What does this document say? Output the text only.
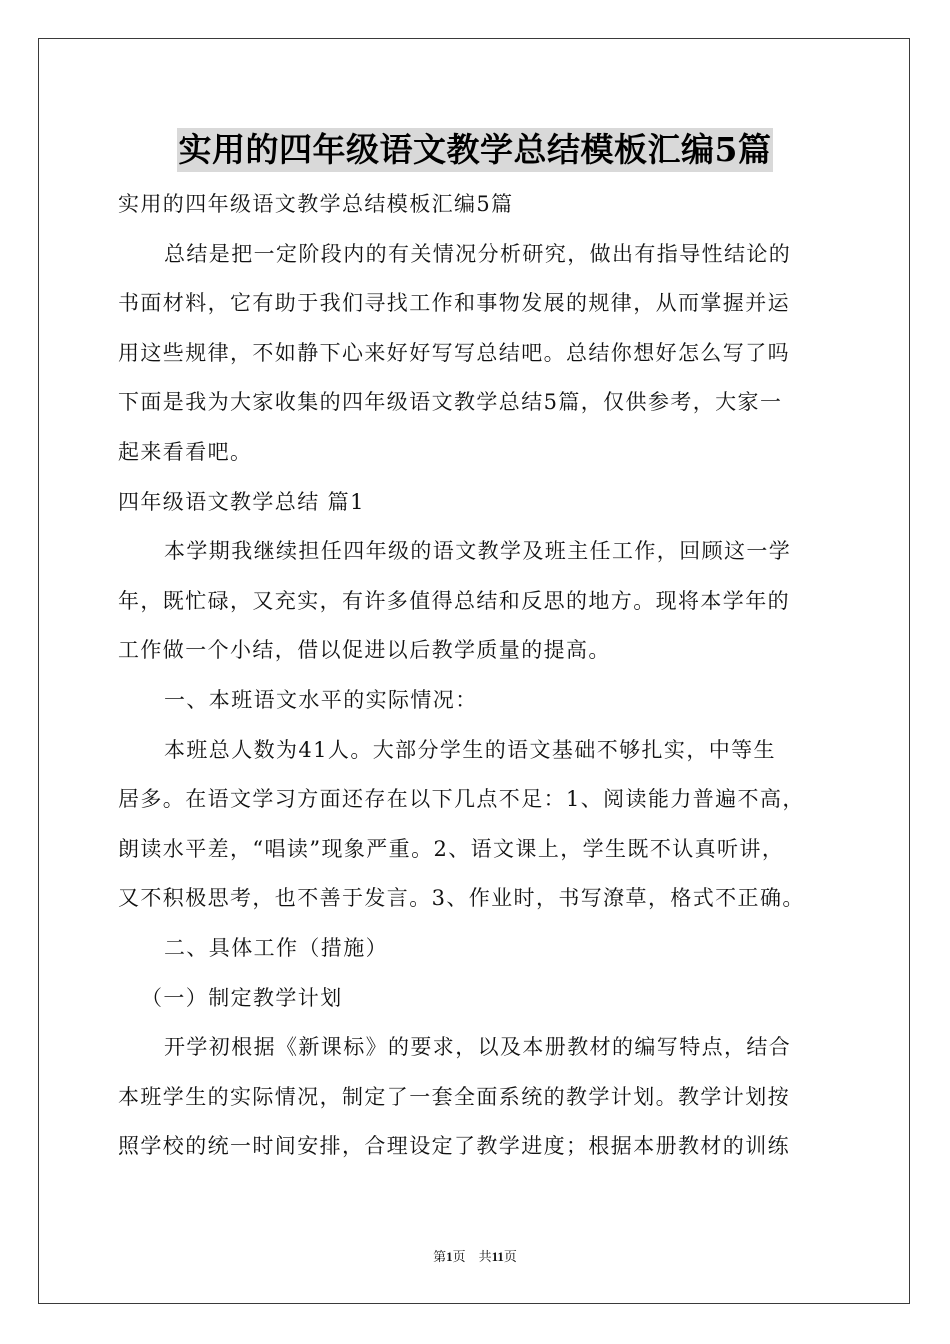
实用的四年级语文教学总结模板汇编5篇
实用的四年级语文教学总结模板汇编5篇
总结是把一定阶段内的有关情况分析研究，做出有指导性结论的
书面材料，它有助于我们寻找工作和事物发展的规律，从而掌握并运
用这些规律，不如静下心来好好写写总结吧。总结你想好怎么写了吗
下面是我为大家收集的四年级语文教学总结5篇，仅供参考，大家一
起来看看吧。
四年级语文教学总结 篇1
本学期我继续担任四年级的语文教学及班主任工作，回顾这一学
年，既忙碌，又充实，有许多值得总结和反思的地方。现将本学年的
工作做一个小结，借以促进以后教学质量的提高。
一、本班语文水平的实际情况：
本班总人数为41人。大部分学生的语文基础不够扎实，中等生
居多。在语文学习方面还存在以下几点不足：1、阅读能力普遍不高，
朗读水平差，“唱读”现象严重。2、语文课上，学生既不认真听讲，
又不积极思考，也不善于发言。3、作业时，书写潦草，格式不正确。
二、具体工作（措施）
（一）制定教学计划
开学初根据《新课标》的要求，以及本册教材的编写特点，结合
本班学生的实际情况，制定了一套全面系统的教学计划。教学计划按
照学校的统一时间安排，合理设定了教学进度；根据本册教材的训练
第1页　共11页
